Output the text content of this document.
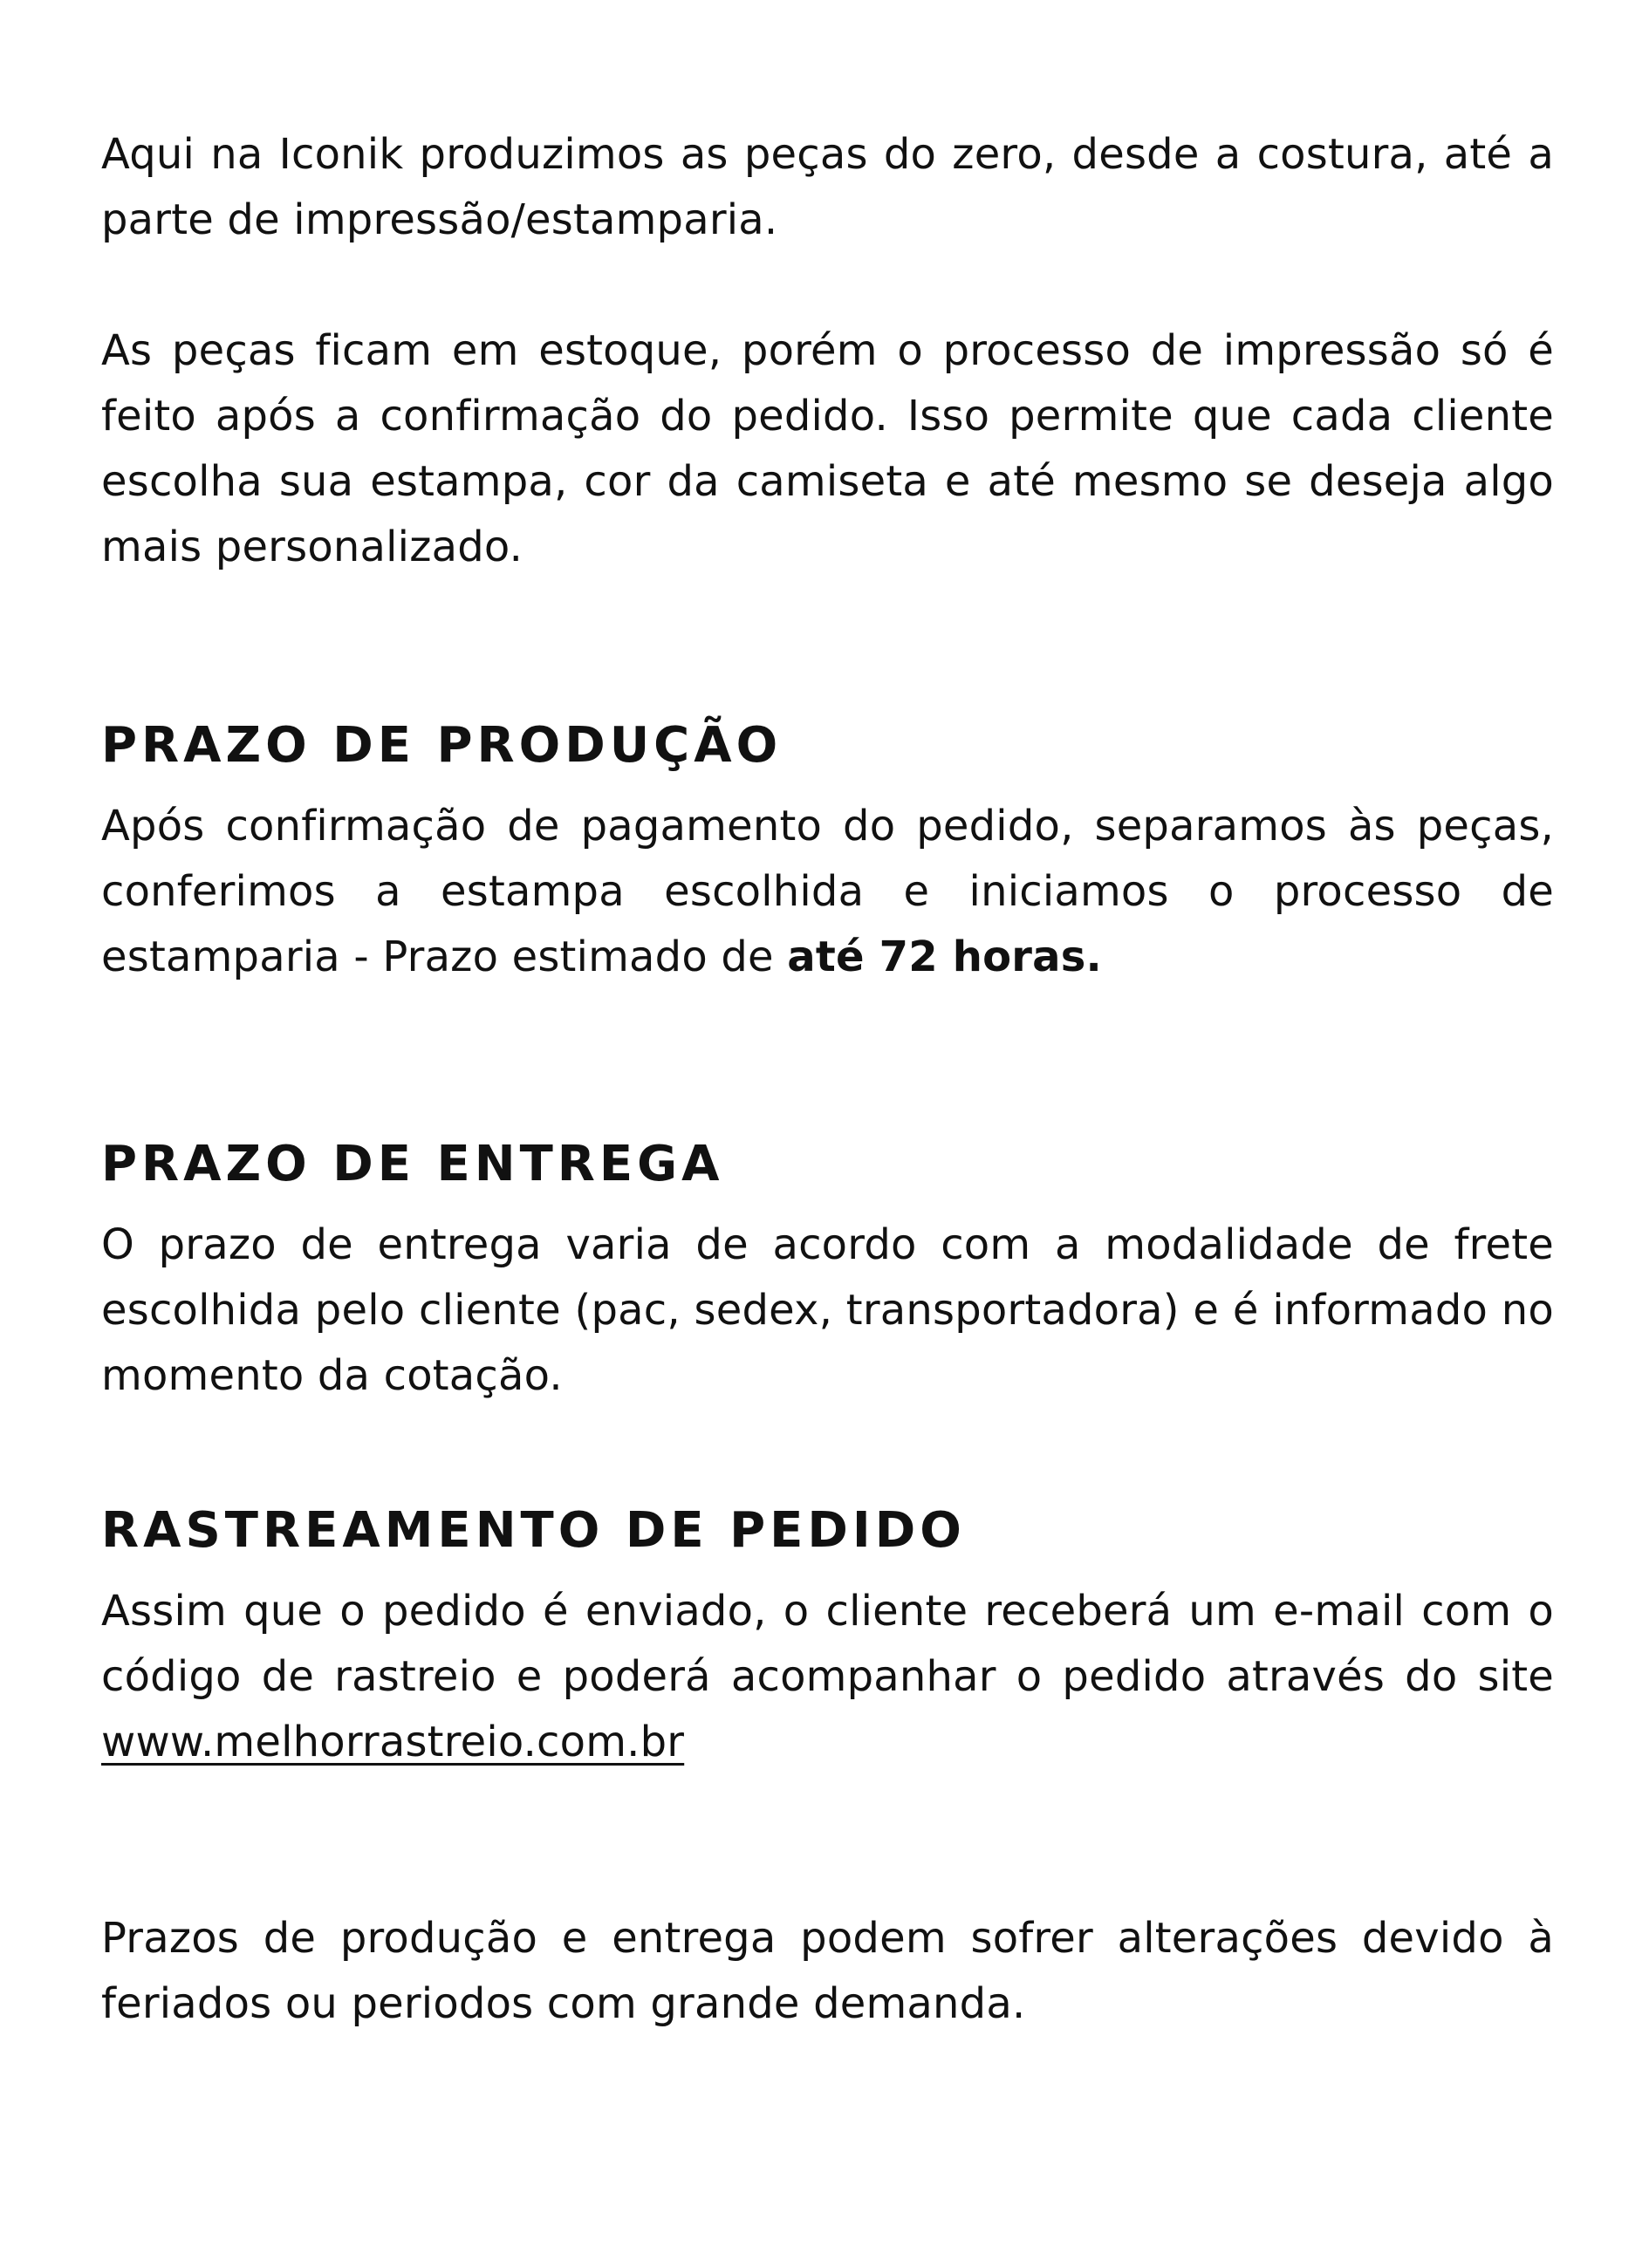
Aqui na Iconik produzimos as peças do zero, desde a costura, até a parte de impressão/estamparia.

As peças ficam em estoque, porém o processo de impressão só é feito após a confirmação do pedido. Isso permite que cada cliente escolha sua estampa, cor da camiseta e até mesmo se deseja algo mais personalizado.

PRAZO DE PRODUÇÃO

Após confirmação de pagamento do pedido, separamos às peças, conferimos a estampa escolhida e iniciamos o processo de estamparia - Prazo estimado de até 72 horas.

PRAZO DE ENTREGA

O prazo de entrega varia de acordo com a modalidade de frete escolhida pelo cliente (pac, sedex, transportadora) e é informado no momento da cotação.

RASTREAMENTO DE PEDIDO

Assim que o pedido é enviado, o cliente receberá um e-mail com o código de rastreio e poderá acompanhar o pedido através do site www.melhorrastreio.com.br

Prazos de produção e entrega podem sofrer alterações devido à feriados ou periodos com grande demanda.
